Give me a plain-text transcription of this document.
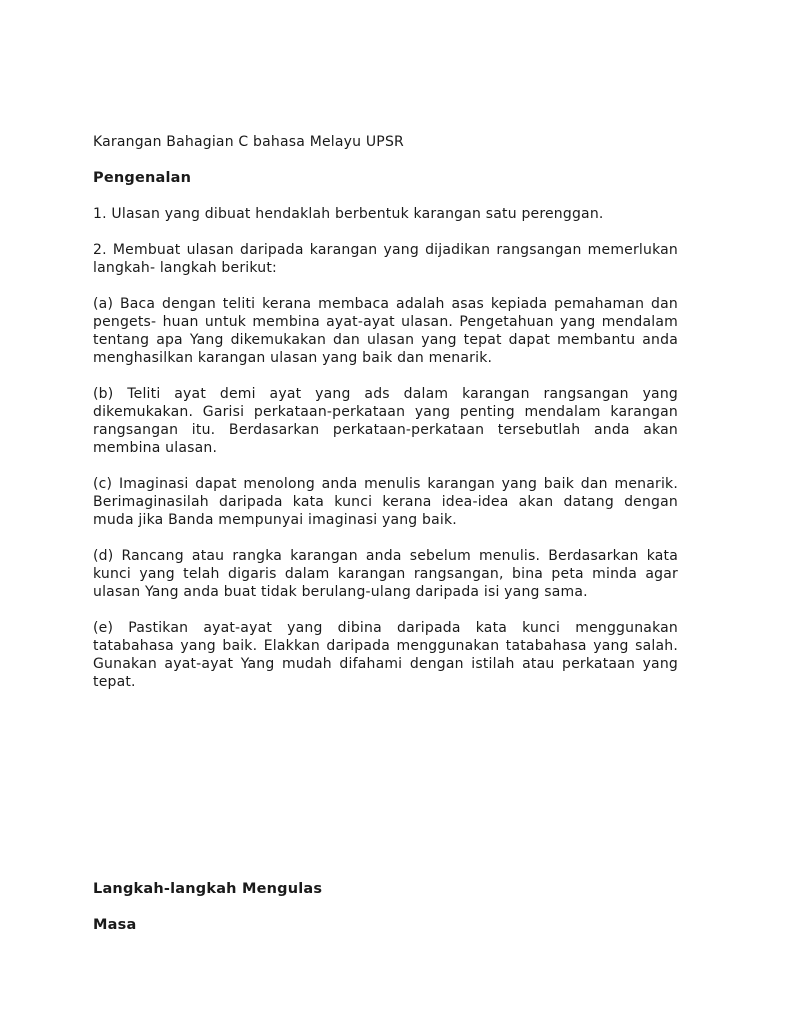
Karangan Bahagian C bahasa Melayu UPSR

Pengenalan

1. Ulasan yang dibuat hendaklah berbentuk karangan satu perenggan.

2. Membuat ulasan daripada karangan yang dijadikan rangsangan memerlukan langkah- langkah berikut:

(a) Baca dengan teliti kerana membaca adalah asas kepiada pemahaman dan pengets- huan untuk membina ayat-ayat ulasan. Pengetahuan yang mendalam tentang apa Yang dikemukakan dan ulasan yang tepat dapat membantu anda menghasilkan karangan ulasan yang baik dan menarik.

(b) Teliti ayat demi ayat yang ads dalam karangan rangsangan yang dikemukakan. Garisi perkataan-perkataan yang penting mendalam karangan rangsangan itu. Berdasarkan perkataan-perkataan tersebutlah anda akan membina ulasan.

(c) Imaginasi dapat menolong anda menulis karangan yang baik dan menarik. Berimaginasilah daripada kata kunci kerana idea-idea akan datang dengan muda jika Banda mempunyai imaginasi yang baik.

(d) Rancang atau rangka karangan anda sebelum menulis. Berdasarkan kata kunci yang telah digaris dalam karangan rangsangan, bina peta minda agar ulasan Yang anda buat tidak berulang-ulang daripada isi yang sama.

(e) Pastikan ayat-ayat yang dibina daripada kata kunci menggunakan tatabahasa yang baik. Elakkan daripada menggunakan tatabahasa yang salah. Gunakan ayat-ayat Yang mudah difahami dengan istilah atau perkataan yang tepat.

Langkah-langkah Mengulas

Masa
